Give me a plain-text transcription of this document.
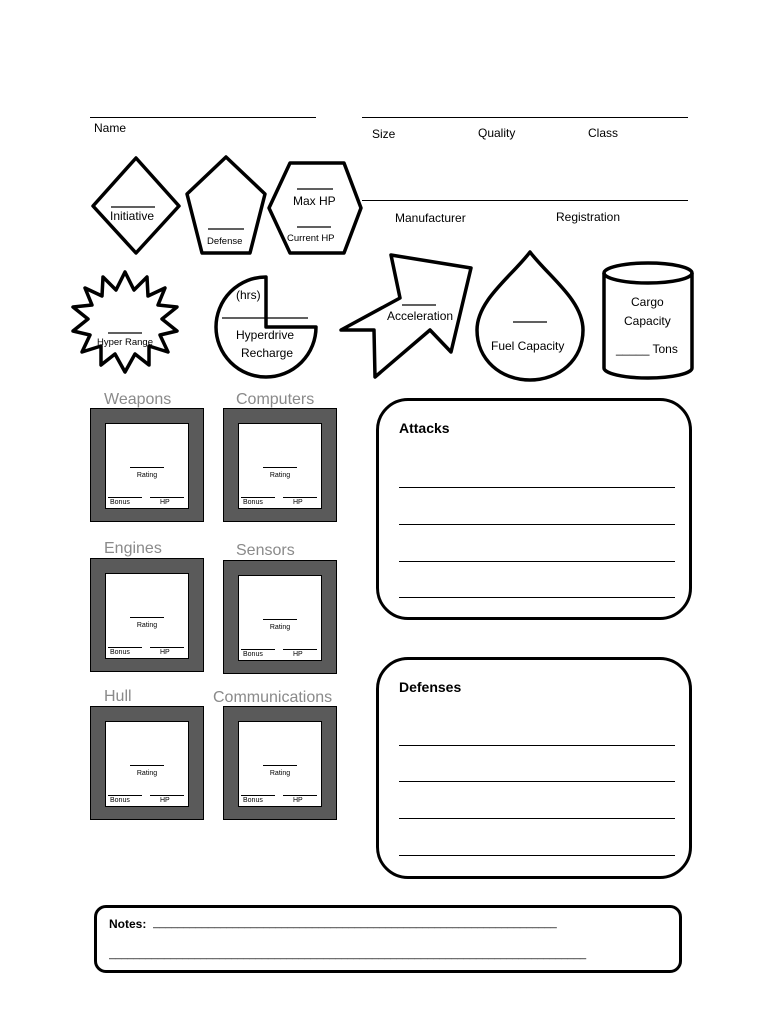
Name	Size	Quality	Class
Manufacturer	Registration
Initiative
Defense
Max HP
Current HP
Hyper Range
(hrs)
Hyperdrive
Recharge
Acceleration
Fuel Capacity
Cargo
Capacity
_____ Tons
Weapons	Computers
Engines	Sensors
Hull	Communications
Rating
Bonus	HP
Rating
Bonus	HP
Rating
Bonus	HP
Rating
Bonus	HP
Rating
Bonus	HP
Rating
Bonus	HP
Attacks
Defenses
Notes: __________________________________________________________________
______________________________________________________________________________
